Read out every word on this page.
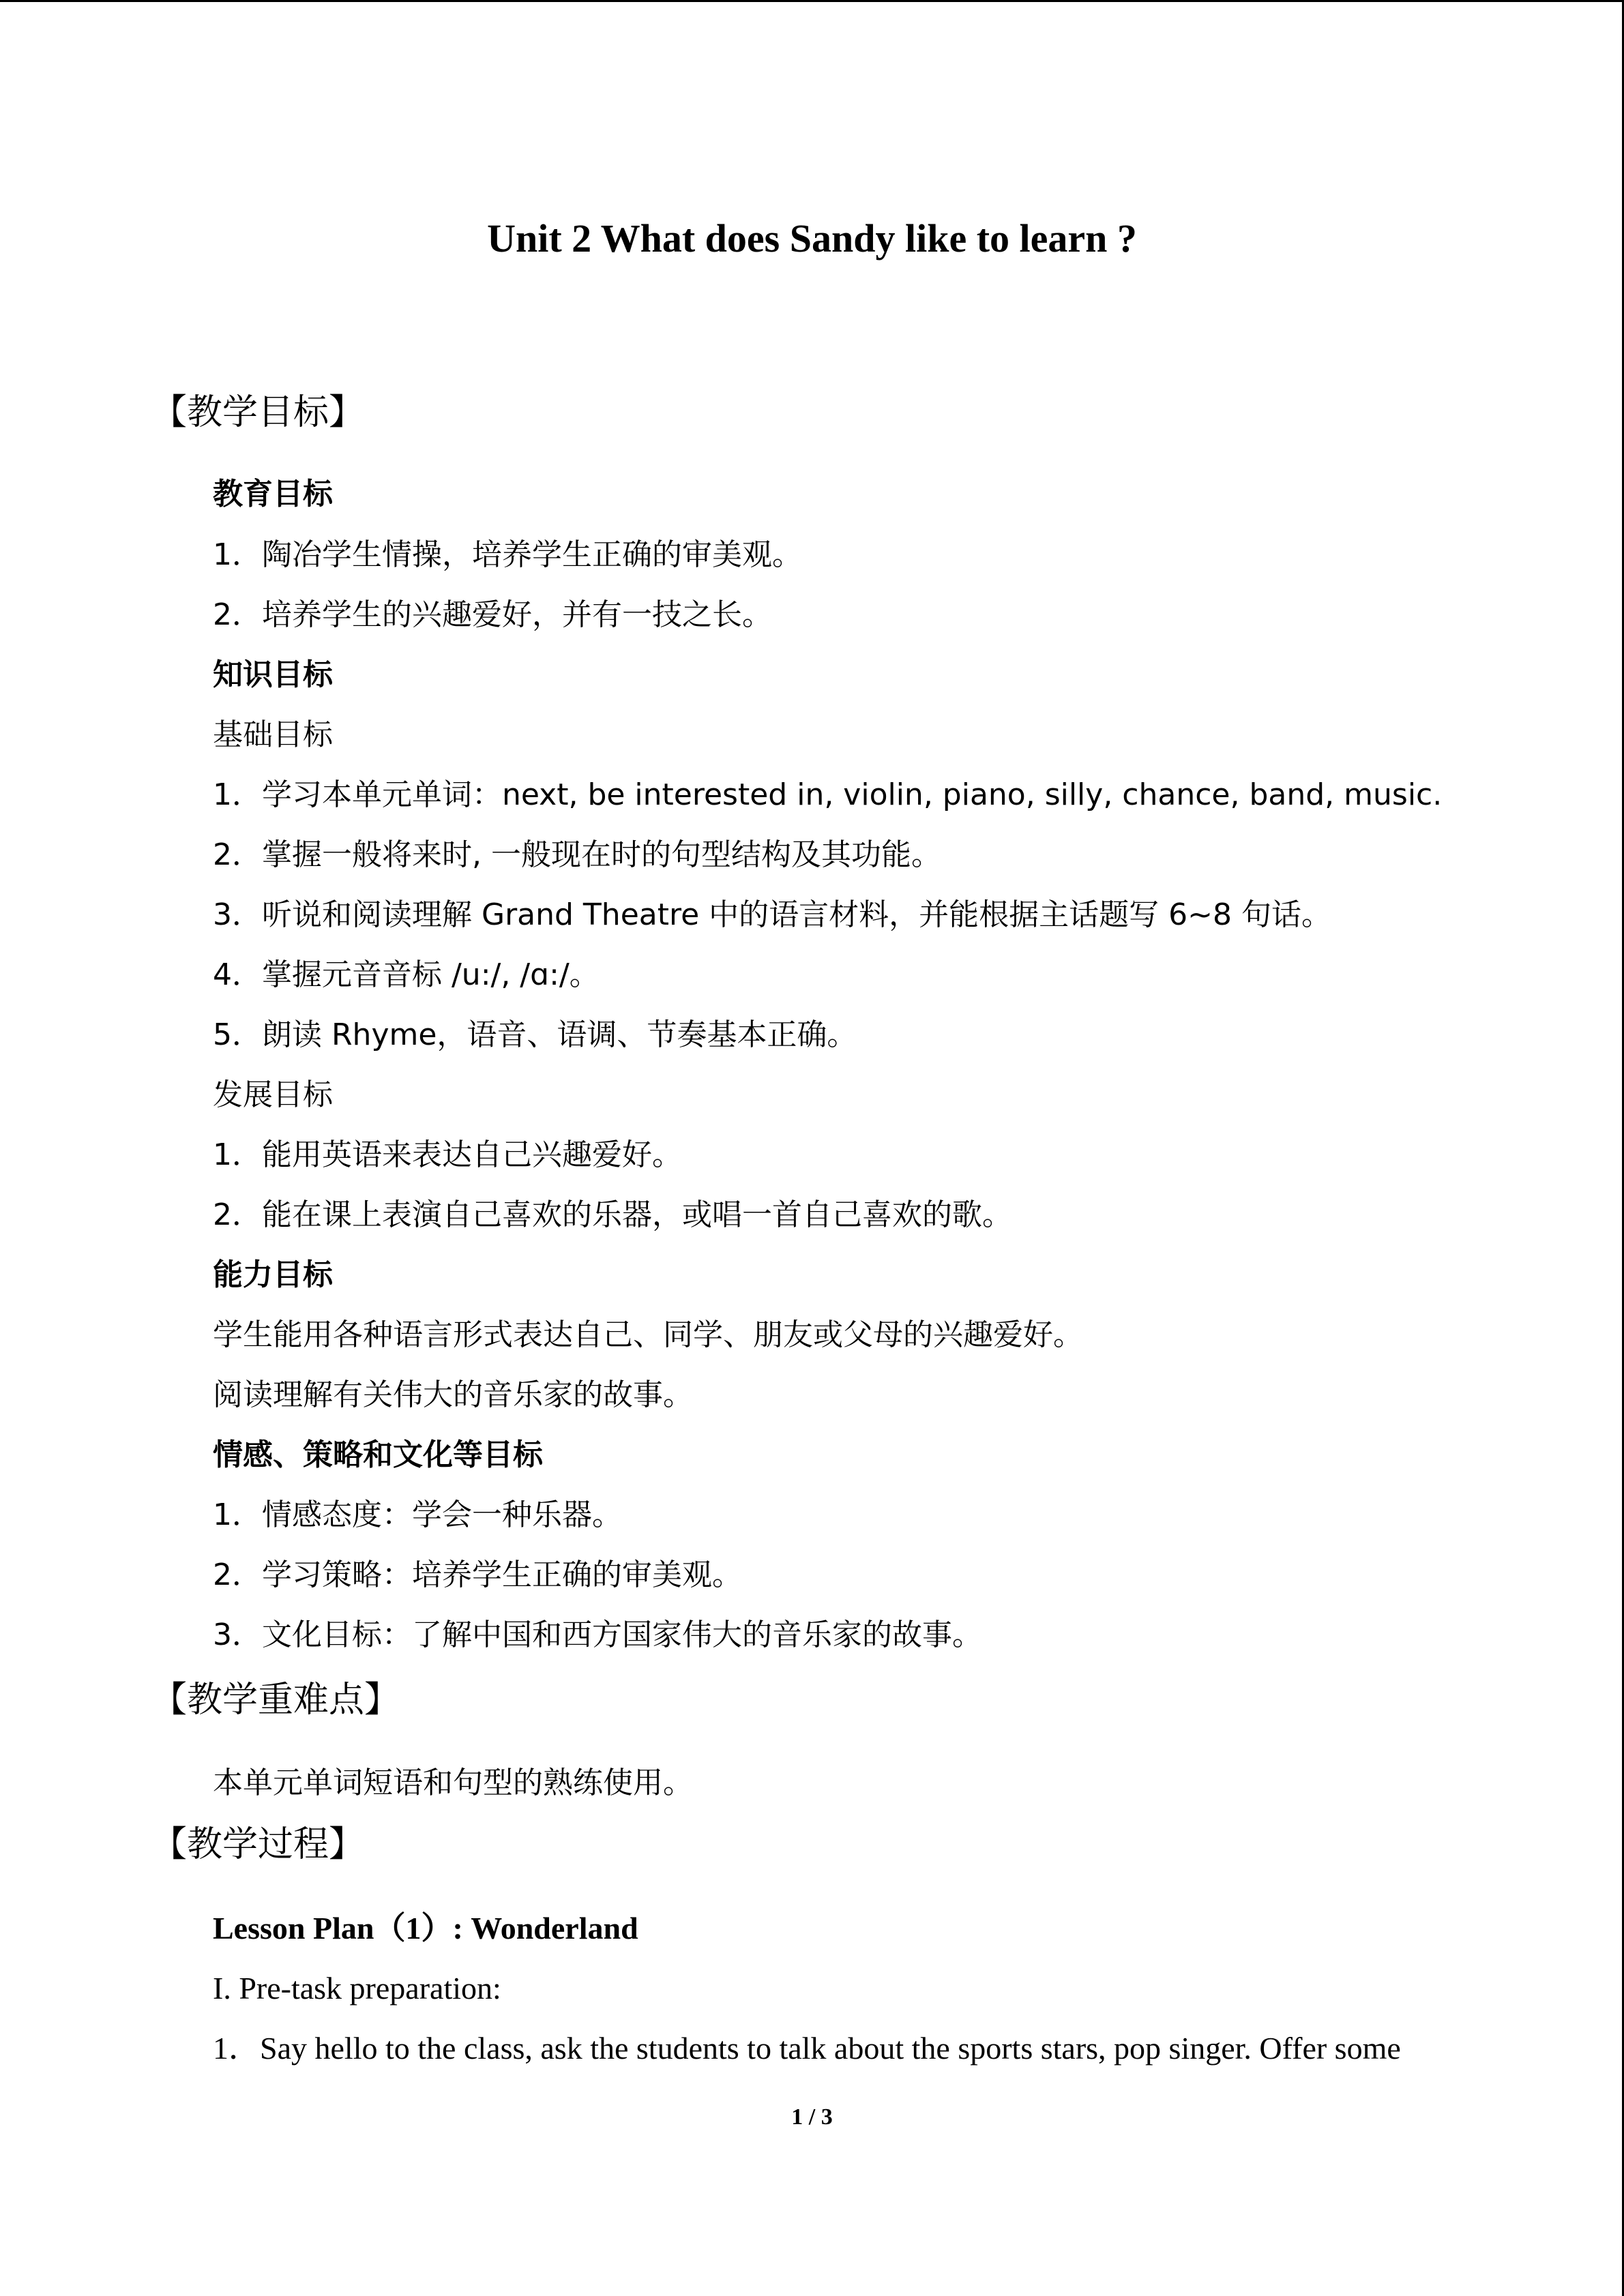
Unit 2 What does Sandy like to learn ?
【教学目标】

教育目标

1．陶冶学生情操，培养学生正确的审美观。

2．培养学生的兴趣爱好，并有一技之长。

知识目标

基础目标

1．学习本单元单词：next, be interested in, violin, piano, silly, chance, band, music.

2．掌握一般将来时, 一般现在时的句型结构及其功能。

3．听说和阅读理解 Grand Theatre 中的语言材料，并能根据主话题写 6~8 句话。

4．掌握元音音标 /u:/, /ɑ:/。

5．朗读 Rhyme，语音、语调、节奏基本正确。

发展目标

1．能用英语来表达自己兴趣爱好。

2．能在课上表演自己喜欢的乐器，或唱一首自己喜欢的歌。

能力目标

学生能用各种语言形式表达自己、同学、朋友或父母的兴趣爱好。

阅读理解有关伟大的音乐家的故事。

情感、策略和文化等目标

1．情感态度：学会一种乐器。

2．学习策略：培养学生正确的审美观。

3．文化目标：了解中国和西方国家伟大的音乐家的故事。

【教学重难点】

本单元单词短语和句型的熟练使用。

【教学过程】

Lesson Plan（1）: Wonderland

I. Pre-task preparation:

1．Say hello to the class, ask the students to talk about the sports stars, pop singer. Offer some

1 / 3
